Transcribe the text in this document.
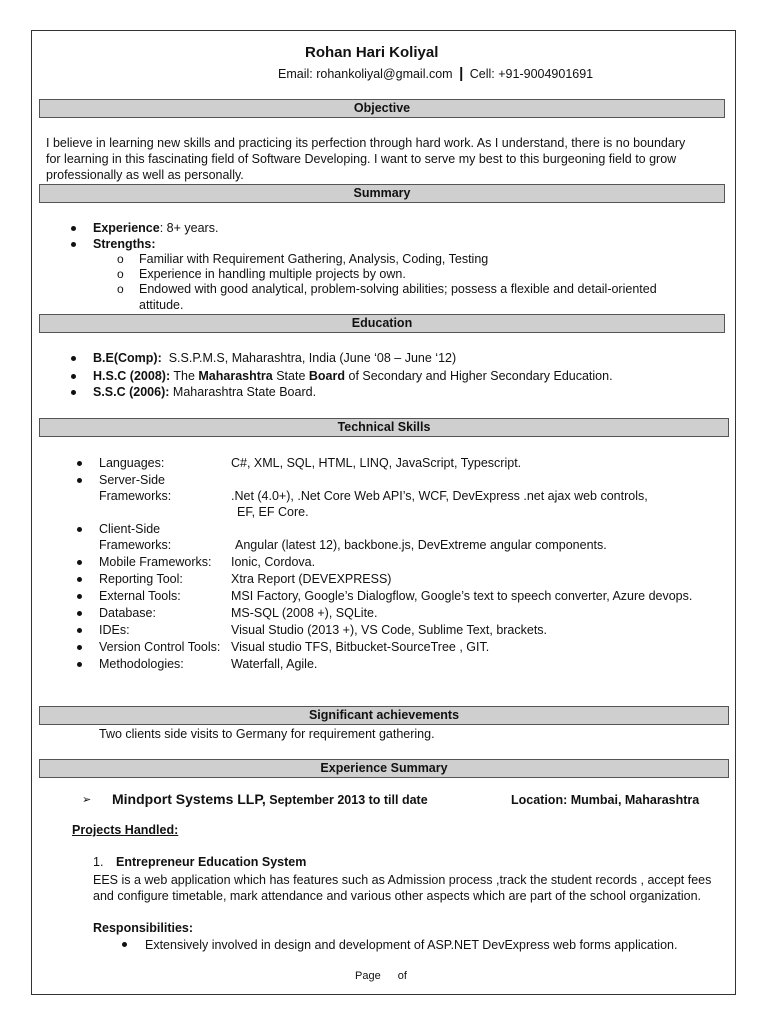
Rohan Hari Koliyal
Email: rohankoliyal@gmail.com | Cell: +91-9004901691
Objective
I believe in learning new skills and practicing its perfection through hard work. As I understand, there is no boundary
for learning in this fascinating field of Software Developing. I want to serve my best to this burgeoning field to grow
professionally as well as personally.
Summary
Experience: 8+ years.
Strengths:
o Familiar with Requirement Gathering, Analysis, Coding, Testing
o Experience in handling multiple projects by own.
o Endowed with good analytical, problem-solving abilities; possess a flexible and detail-oriented
attitude.
Education
B.E(Comp): S.S.P.M.S, Maharashtra, India (June ‘08 – June ‘12)
H.S.C (2008): The Maharashtra State Board of Secondary and Higher Secondary Education.
S.S.C (2006): Maharashtra State Board.
Technical Skills
Languages:	C#, XML, SQL, HTML, LINQ, JavaScript, Typescript.
Server-Side
Frameworks:	.Net (4.0+), .Net Core Web API’s, WCF, DevExpress .net ajax web controls,
EF, EF Core.
Client-Side
Frameworks:	Angular (latest 12), backbone.js, DevExtreme angular components.
Mobile Frameworks: Ionic, Cordova.
Reporting Tool:	Xtra Report (DEVEXPRESS)
External Tools:	MSI Factory, Google’s Dialogflow, Google’s text to speech converter, Azure devops.
Database:	MS-SQL (2008 +), SQLite.
IDEs:	Visual Studio (2013 +), VS Code, Sublime Text, brackets.
Version Control Tools: Visual studio TFS, Bitbucket-SourceTree , GIT.
Methodologies:	Waterfall, Agile.
Significant achievements
Two clients side visits to Germany for requirement gathering.
Experience Summary
➢ Mindport Systems LLP, September 2013 to till date	Location: Mumbai, Maharashtra
Projects Handled:
1. Entrepreneur Education System
EES is a web application which has features such as Admission process ,track the student records , accept fees
and configure timetable, mark attendance and various other aspects which are part of the school organization.
Responsibilities:
Extensively involved in design and development of ASP.NET DevExpress web forms application.
Page of
